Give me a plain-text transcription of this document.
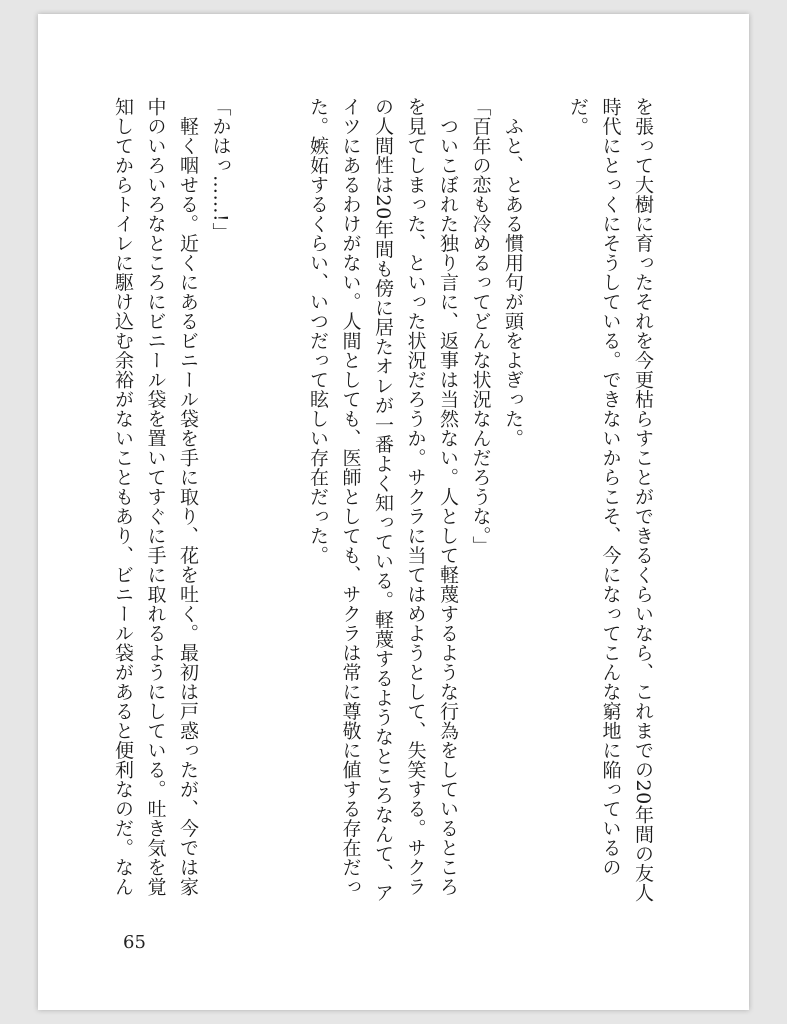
を張って大樹に育ったそれを今更枯らすことができるくらいなら、これまでの20年間の友人
時代にとっくにそうしている。できないからこそ、今になってこんな窮地に陥っているの
だ。
　ふと、とある慣用句が頭をよぎった。
「百年の恋も冷めるってどんな状況なんだろうな。」
　ついこぼれた独り言に、返事は当然ない。人として軽蔑するような行為をしているところ
を見てしまった、といった状況だろうか。サクラに当てはめようとして、失笑する。サクラ
の人間性は20年間も傍に居たオレが一番よく知っている。軽蔑するようなところなんて、ア
イツにあるわけがない。人間としても、医師としても、サクラは常に尊敬に値する存在だっ
た。嫉妬するくらい、いつだって眩しい存在だった。
「かはっ……!」
　軽く咽せる。近くにあるビニール袋を手に取り、花を吐く。最初は戸惑ったが、今では家
中のいろいろなところにビニール袋を置いてすぐに手に取れるようにしている。吐き気を覚
知してからトイレに駆け込む余裕がないこともあり、ビニール袋があると便利なのだ。なん
65
